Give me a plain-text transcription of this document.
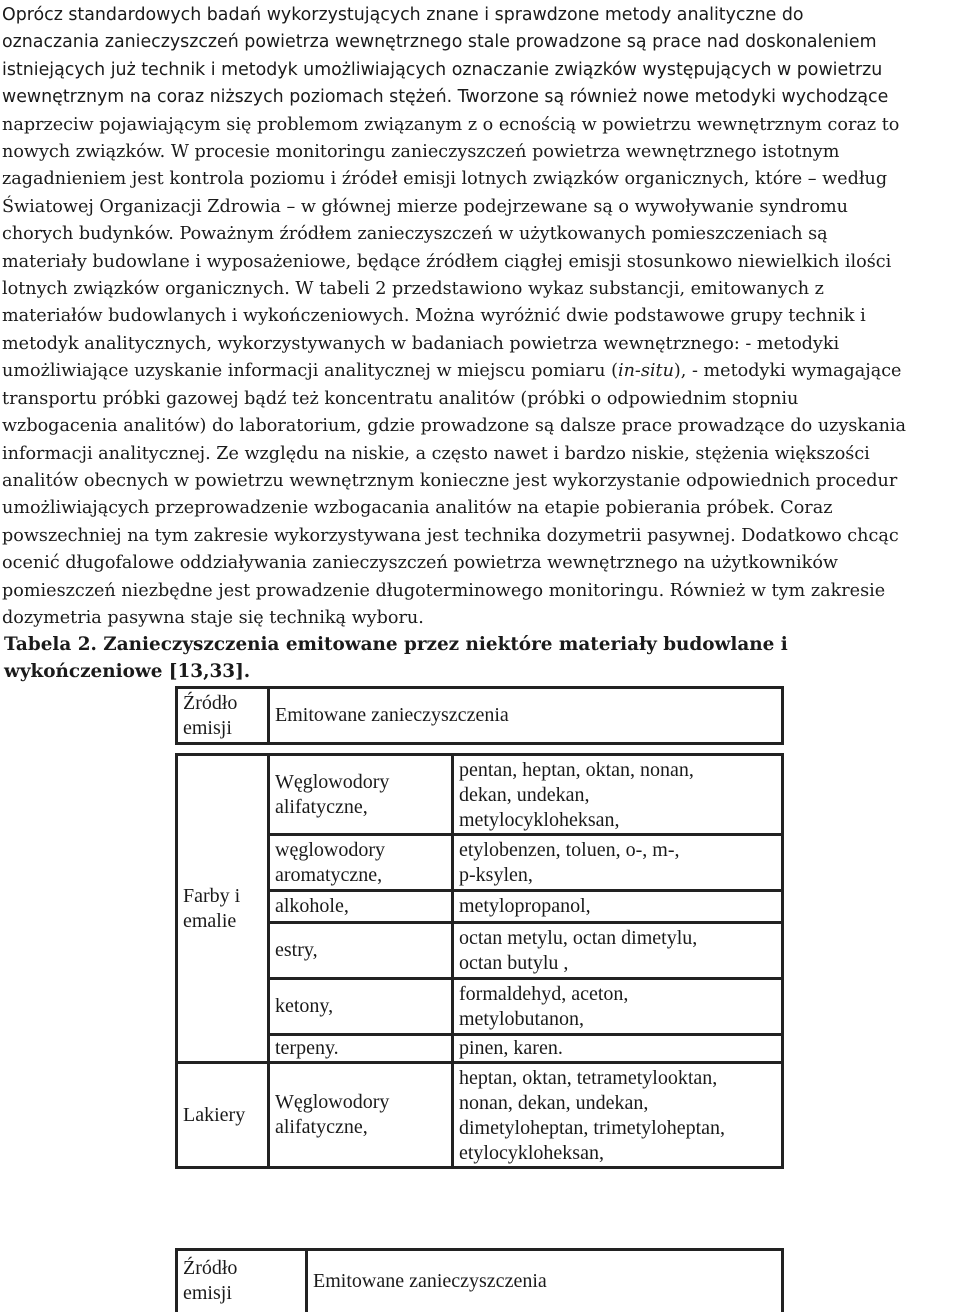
Oprócz standardowych badań wykorzystujących znane i sprawdzone metody analityczne do
oznaczania zanieczyszczeń powietrza wewnętrznego stale prowadzone są prace nad doskonaleniem
istniejących już technik i metodyk umożliwiających oznaczanie związków występujących w powietrzu
wewnętrznym na coraz niższych poziomach stężeń. Tworzone są również nowe metodyki wychodzące
naprzeciw pojawiającym się problemom związanym z o ecnością w powietrzu wewnętrznym coraz to
nowych związków. W procesie monitoringu zanieczyszczeń powietrza wewnętrznego istotnym
zagadnieniem jest kontrola poziomu i źródeł emisji lotnych związków organicznych, które – według
Światowej Organizacji Zdrowia – w głównej mierze podejrzewane są o wywoływanie syndromu
chorych budynków. Poważnym źródłem zanieczyszczeń w użytkowanych pomieszczeniach są
materiały budowlane i wyposażeniowe, będące źródłem ciągłej emisji stosunkowo niewielkich ilości
lotnych związków organicznych. W tabeli 2 przedstawiono wykaz substancji, emitowanych z
materiałów budowlanych i wykończeniowych. Można wyróżnić dwie podstawowe grupy technik i
metodyk analitycznych, wykorzystywanych w badaniach powietrza wewnętrznego: - metodyki
umożliwiające uzyskanie informacji analitycznej w miejscu pomiaru (in-situ), - metodyki wymagające
transportu próbki gazowej bądź też koncentratu analitów (próbki o odpowiednim stopniu
wzbogacenia analitów) do laboratorium, gdzie prowadzone są dalsze prace prowadzące do uzyskania
informacji analitycznej. Ze względu na niskie, a często nawet i bardzo niskie, stężenia większości
analitów obecnych w powietrzu wewnętrznym konieczne jest wykorzystanie odpowiednich procedur
umożliwiających przeprowadzenie wzbogacania analitów na etapie pobierania próbek. Coraz
powszechniej na tym zakresie wykorzystywana jest technika dozymetrii pasywnej. Dodatkowo chcąc
ocenić długofalowe oddziaływania zanieczyszczeń powietrza wewnętrznego na użytkowników
pomieszczeń niezbędne jest prowadzenie długoterminowego monitoringu. Również w tym zakresie
dozymetria pasywna staje się techniką wyboru.
Tabela 2. Zanieczyszczenia emitowane przez niektóre materiały budowlane i
wykończeniowe [13,33].
Źródło
emisji	Emitowane zanieczyszczenia	

Farby i
emalie	Węglowodory
alifatyczne,	pentan, heptan, oktan, nonan,
dekan, undekan,
metylocykloheksan,

	węglowodory
aromatyczne,	etylobenzen, toluen, o-, m-,
p-ksylen,

	alkohole,	metylopropanol,

	estry,	octan metylu, octan dimetylu,
octan butylu ,

	ketony,	formaldehyd, aceton,
metylobutanon,

	terpeny.	pinen, karen.

Lakiery	Węglowodory
alifatyczne,	heptan, oktan, tetrametylooktan,
nonan, dekan, undekan,
dimetyloheptan, trimetyloheptan,
etylocykloheksan,
Źródło
emisji
	Emitowane zanieczyszczenia
